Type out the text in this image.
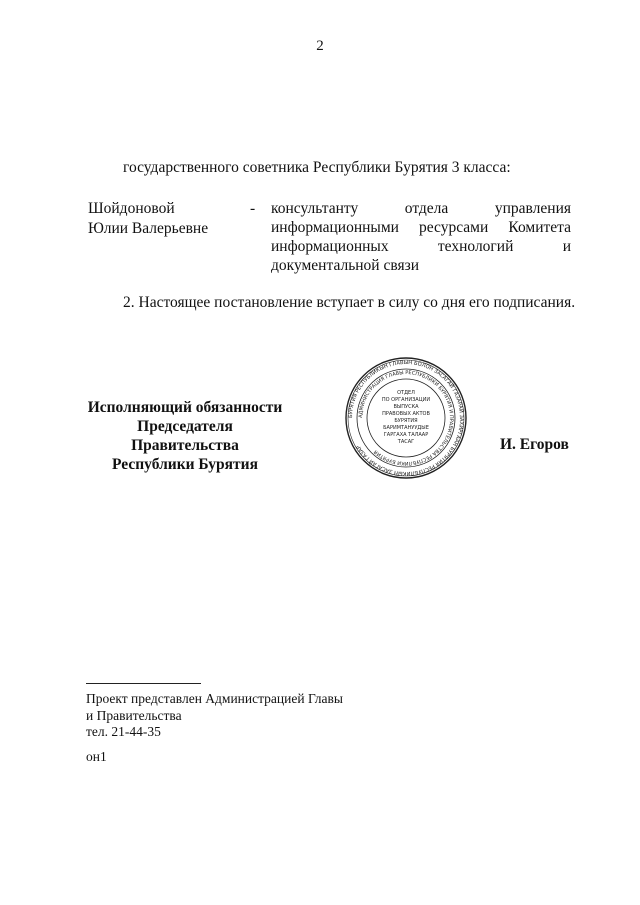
2
государственного советника Республики Бурятия 3 класса:
Шойдоновой
Юлии Валерьевне
- консультанту отдела управления
информационными ресурсами Комитета
информационных технологий и
документальной связи
2. Настоящее постановление вступает в силу со дня его подписания.
Исполняющий обязанности
Председателя Правительства
Республики Бурятия
БУРЯТИЯ РЕСПУБЛИКЫН ГЛАВЫН БОЛОН ЗАСАГАЙ ГАЗАРАЙ ЗАХИРГААН БУРЯТИЯ РЕСПУБЛИКЫН ЗАСАГАЙ ГАЗАР
АДМИНИСТРАЦИЯ ГЛАВЫ РЕСПУБЛИКИ БУРЯТИЯ И ПРАВИТЕЛЬСТВА РЕСПУБЛИКИ БУРЯТИЯ
ОТДЕЛ
ПО ОРГАНИЗАЦИИ
ВЫПУСКА
ПРАВОВЫХ АКТОВ
БУРЯТИЯ
БАРИМТАНУУДЫЕ
ГАРГАХА ТАЛААР
ТАСАГ	И. Егоров
Проект представлен Администрацией Главы
и Правительства
тел. 21-44-35
он1
